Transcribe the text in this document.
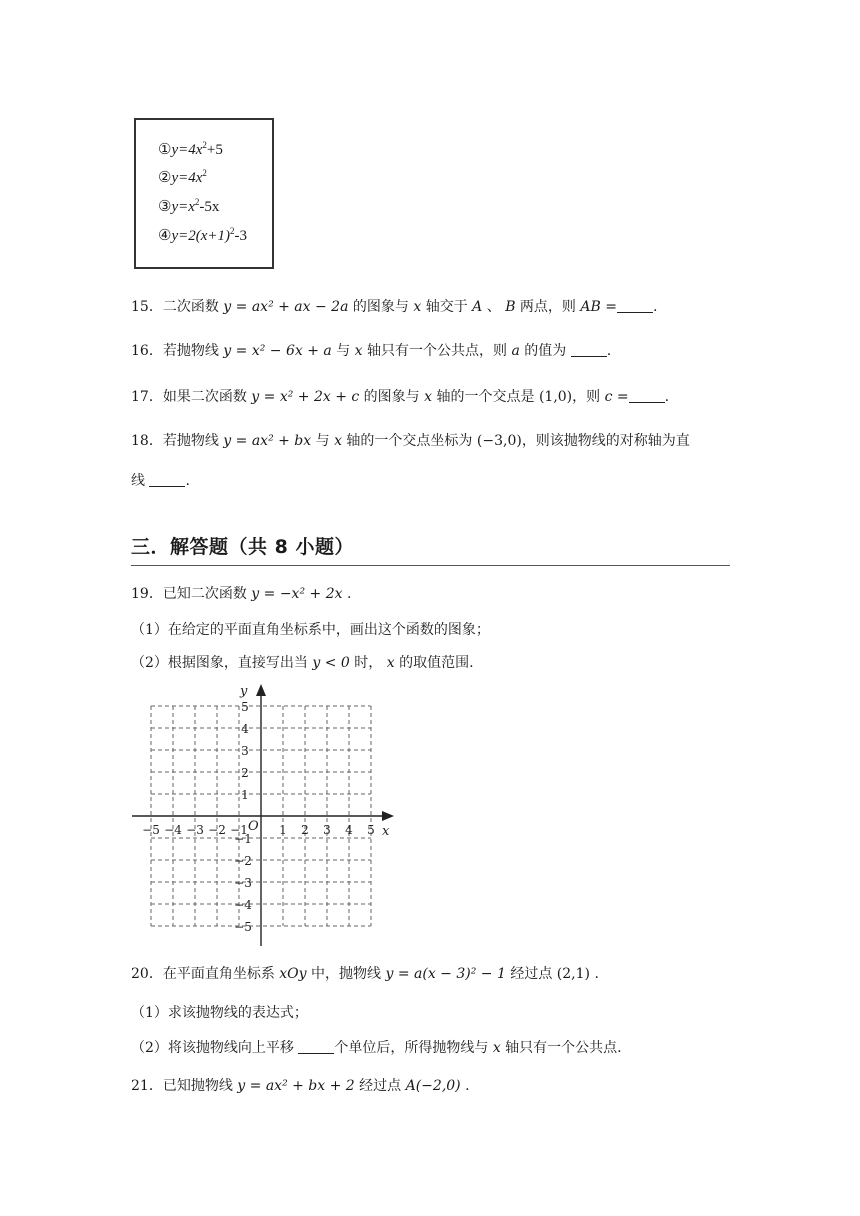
$①y=4x^2+5$
$②y=4x^2$
$③y=x^2-5x$
$④y=2(x+1)^2-3$
15．二次函数 y = ax² + ax − 2a 的图象与 x 轴交于 A 、 B 两点，则 AB =	.
16．若抛物线 y = x² − 6x + a 与 x 轴只有一个公共点，则 a 的值为	.
17．如果二次函数 y = x² + 2x + c 的图象与 x 轴的一个交点是 (1,0)，则 c =	.
18．若抛物线 y = ax² + bx 与 x 轴的一个交点坐标为 (−3,0)，则该抛物线的对称轴为直
线	.
三．解答题（共 8 小题）
19．已知二次函数 y = −x² + 2x .
（1）在给定的平面直角坐标系中，画出这个函数的图象；
（2）根据图象，直接写出当 y < 0 时， x 的取值范围.
y
x
O
−5 −4 −3 −2 −1	1 2 3 4 5
5
4
3
2
1
−1
−2
−3
−4
−5
20．在平面直角坐标系 xOy 中，抛物线 y = a(x − 3)² − 1 经过点 (2,1) .
（1）求该抛物线的表达式；
（2）将该抛物线向上平移	个单位后，所得抛物线与 x 轴只有一个公共点.
21．已知抛物线 y = ax² + bx + 2 经过点 A(−2,0) .
